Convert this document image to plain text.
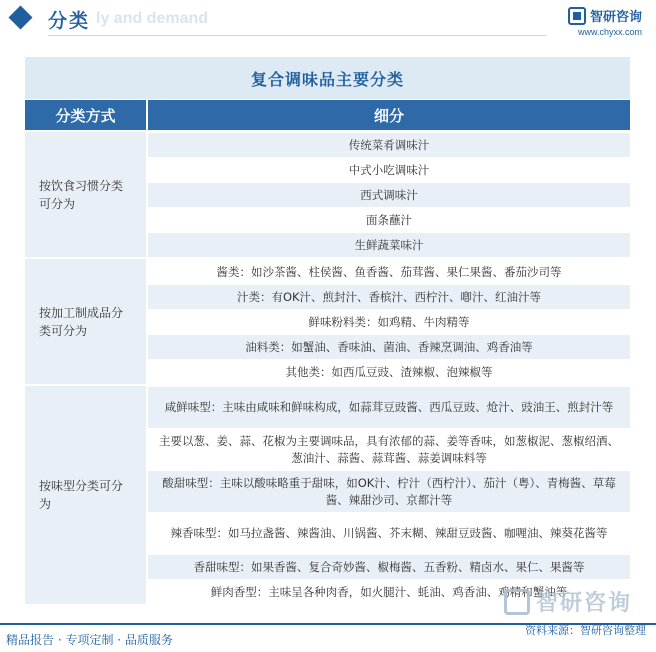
分类 ly and demand	智研咨询
www.chyxx.com
复合调味品主要分类
分类方式	细分
按饮食习惯分类可分为
传统菜肴调味汁
中式小吃调味汁
西式调味汁
面条蘸汁
生鲜蔬菜味汁
按加工制成品分类可分为
酱类：如沙茶酱、柱侯酱、鱼香酱、茄茸酱、果仁果酱、番茄沙司等
汁类：有OK汁、煎封汁、香槟汁、西柠汁、喞汁、红油汁等
鲜味粉料类：如鸡精、牛肉精等
油料类：如蟹油、香味油、菌油、香辣烹调油、鸡香油等
其他类：如西瓜豆豉、渣辣椒、泡辣椒等
按味型分类可分为
咸鲜味型：主味由咸味和鲜味构成，如蒜茸豆豉酱、西瓜豆豉、炝汁、豉油王、煎封汁等
主要以葱、姜、蒜、花椒为主要调味品，具有浓郁的蒜、姜等香味，如葱椒泥、葱椒绍酒、葱油汁、蒜酱、蒜茸酱、蒜姜调味料等
酸甜味型：主味以酸味略重于甜味，如OK汁、柠汁（西柠汁）、茄汁（粤）、青梅酱、草莓酱、辣甜沙司、京都汁等
辣香味型：如马拉盏酱、辣酱油、川锅酱、芥末糊、辣甜豆豉酱、咖喱油、辣葵花酱等
香甜味型：如果香酱、复合奇妙酱、椒梅酱、五香粉、精卤水、果仁、果酱等
鲜肉香型：主味呈各种肉香，如火腿汁、蚝油、鸡香油、鸡精和蟹油等
智研咨询
精品报告 · 专项定制 · 品质服务
资料来源：智研咨询整理
